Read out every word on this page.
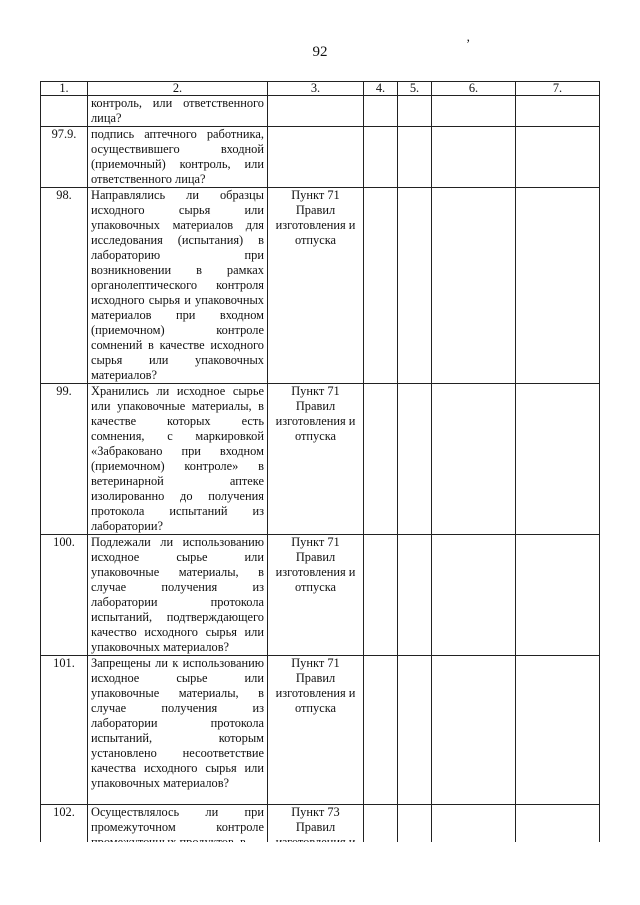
92
’
1.	2.	3.	4.	5.	6.	7.
	контроль, или ответственного лица?					
97.9.	подпись аптечного работника, осуществившего входной (приемочный) контроль, или ответственного лица?					
98.	Направлялись ли образцы исходного сырья или упаковочных материалов для исследования (испытания) в лабораторию при возникновении в рамках органолептического контроля исходного сырья и упаковочных материалов при входном (приемочном) контроле сомнений в качестве исходного сырья или упаковочных материалов?	Пункт 71 Правил изготовления и отпуска				
99.	Хранились ли исходное сырье или упаковочные материалы, в качестве которых есть сомнения, с маркировкой «Забраковано при входном (приемочном) контроле» в ветеринарной аптеке изолированно до получения протокола испытаний из лаборатории?	Пункт 71 Правил изготовления и отпуска				
100.	Подлежали ли использованию исходное сырье или упаковочные материалы, в случае получения из лаборатории протокола испытаний, подтверждающего качество исходного сырья или упаковочных материалов?	Пункт 71 Правил изготовления и отпуска				
101.	Запрещены ли к использованию исходное сырье или упаковочные материалы, в случае получения из лаборатории протокола испытаний, которым установлено несоответствие качества исходного сырья или упаковочных материалов?	Пункт 71 Правил изготовления и отпуска				
102.	Осуществлялось ли при промежуточном контроле	Пункт 73 Правил				
